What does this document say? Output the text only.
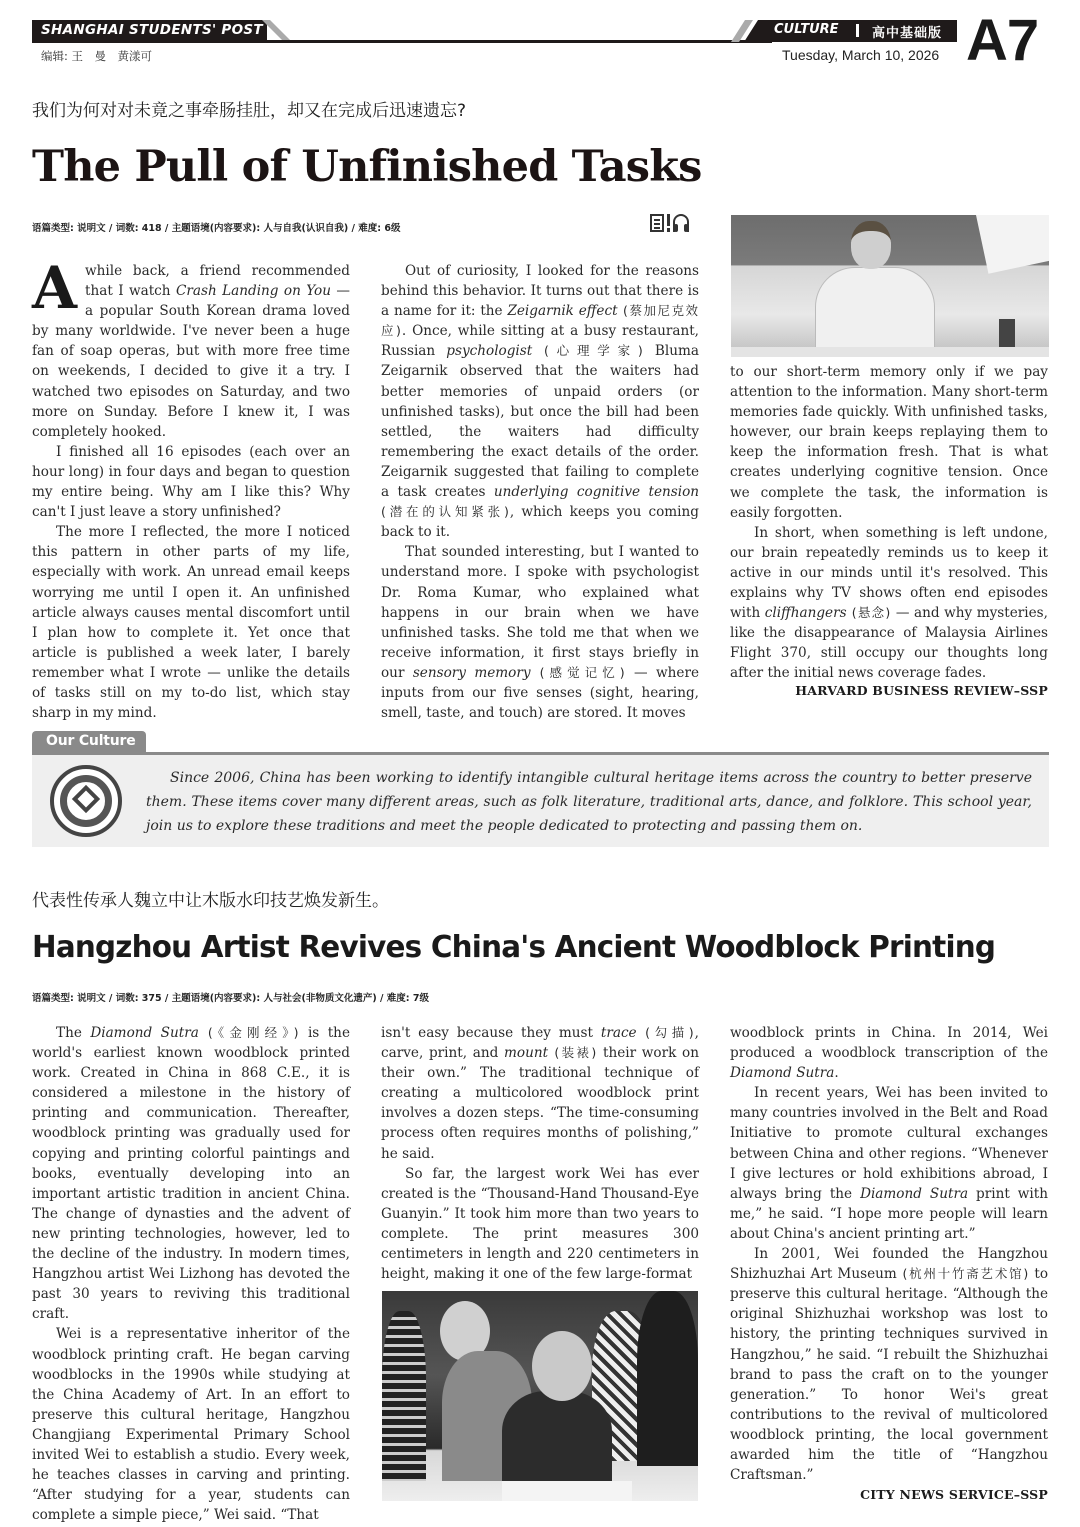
SHANGHAI STUDENTS' POST
编辑: 王　曼　黄漾可
CULTURE	高中基础版
Tuesday, March 10, 2026 A7
我们为何对对未竟之事牵肠挂肚，却又在完成后迅速遗忘?
The Pull of Unfinished Tasks
语篇类型: 说明文 / 词数: 418 / 主题语境(内容要求): 人与自我(认识自我) / 难度: 6级

A while back, a friend recommended that I watch Crash Landing on You — a popular South Korean drama loved by many worldwide. I've never been a huge fan of soap operas, but with more free time on weekends, I decided to give it a try. I watched two episodes on Saturday, and two more on Sunday. Before I knew it, I was completely hooked.

I finished all 16 episodes (each over an hour long) in four days and began to question my entire being. Why am I like this? Why can't I just leave a story unfinished?

The more I reflected, the more I noticed this pattern in other parts of my life, especially with work. An unread email keeps worrying me until I open it. An unfinished article always causes mental discomfort until I plan how to complete it. Yet once that article is published a week later, I barely remember what I wrote — unlike the details of tasks still on my to-do list, which stay sharp in my mind.

Out of curiosity, I looked for the reasons behind this behavior. It turns out that there is a name for it: the Zeigarnik effect (蔡加尼克效应). Once, while sitting at a busy restaurant, Russian psychologist (心理学家) Bluma Zeigarnik observed that the waiters had better memories of unpaid orders (or unfinished tasks), but once the bill had been settled, the waiters had difficulty remembering the exact details of the order. Zeigarnik suggested that failing to complete a task creates underlying cognitive tension (潜在的认知紧张), which keeps you coming back to it.

That sounded interesting, but I wanted to understand more. I spoke with psychologist Dr. Roma Kumar, who explained what happens in our brain when we have unfinished tasks. She told me that when we receive information, it first stays briefly in our sensory memory (感觉记忆) — where inputs from our five senses (sight, hearing, smell, taste, and touch) are stored. It moves

to our short-term memory only if we pay attention to the information. Many short-term memories fade quickly. With unfinished tasks, however, our brain keeps replaying them to keep the information fresh. That is what creates underlying cognitive tension. Once we complete the task, the information is easily forgotten.

In short, when something is left undone, our brain repeatedly reminds us to keep it active in our minds until it's resolved. This explains why TV shows often end episodes with cliffhangers (悬念) — and why mysteries, like the disappearance of Malaysia Airlines Flight 370, still occupy our thoughts long after the initial news coverage fades.

HARVARD BUSINESS REVIEW–SSP
Our Culture

Since 2006, China has been working to identify intangible cultural heritage items across the country to better preserve them. These items cover many different areas, such as folk literature, traditional arts, dance, and folklore. This school year, join us to explore these traditions and meet the people dedicated to protecting and passing them on.

代表性传承人魏立中让木版水印技艺焕发新生。
Hangzhou Artist Revives China's Ancient Woodblock Printing
语篇类型: 说明文 / 词数: 375 / 主题语境(内容要求): 人与社会(非物质文化遗产) / 难度: 7级

The Diamond Sutra (《金刚经》) is the world's earliest known woodblock printed work. Created in China in 868 C.E., it is considered a milestone in the history of printing and communication. Thereafter, woodblock printing was gradually used for copying and printing colorful paintings and books, eventually developing into an important artistic tradition in ancient China. The change of dynasties and the advent of new printing technologies, however, led to the decline of the industry. In modern times, Hangzhou artist Wei Lizhong has devoted the past 30 years to reviving this traditional craft.

Wei is a representative inheritor of the woodblock printing craft. He began carving woodblocks in the 1990s while studying at the China Academy of Art. In an effort to preserve this cultural heritage, Hangzhou Changjiang Experimental Primary School invited Wei to establish a studio. Every week, he teaches classes in carving and printing. “After studying for a year, students can complete a simple piece,” Wei said. “That

isn't easy because they must trace (勾描), carve, print, and mount (装裱) their work on their own.” The traditional technique of creating a multicolored woodblock print involves a dozen steps. “The time-consuming process often requires months of polishing,” he said.

So far, the largest work Wei has ever created is the “Thousand-Hand Thousand-Eye Guanyin.” It took him more than two years to complete. The print measures 300 centimeters in length and 220 centimeters in height, making it one of the few large-format

woodblock prints in China. In 2014, Wei produced a woodblock transcription of the Diamond Sutra.

In recent years, Wei has been invited to many countries involved in the Belt and Road Initiative to promote cultural exchanges between China and other regions. “Whenever I give lectures or hold exhibitions abroad, I always bring the Diamond Sutra print with me,” he said. “I hope more people will learn about China's ancient printing art.”

In 2001, Wei founded the Hangzhou Shizhuzhai Art Museum (杭州十竹斋艺术馆) to preserve this cultural heritage. “Although the original Shizhuzhai workshop was lost to history, the printing techniques survived in Hangzhou,” he said. “I rebuilt the Shizhuzhai brand to pass the craft on to the younger generation.” To honor Wei's great contributions to the revival of multicolored woodblock printing, the local government awarded him the title of “Hangzhou Craftsman.”

CITY NEWS SERVICE–SSP
